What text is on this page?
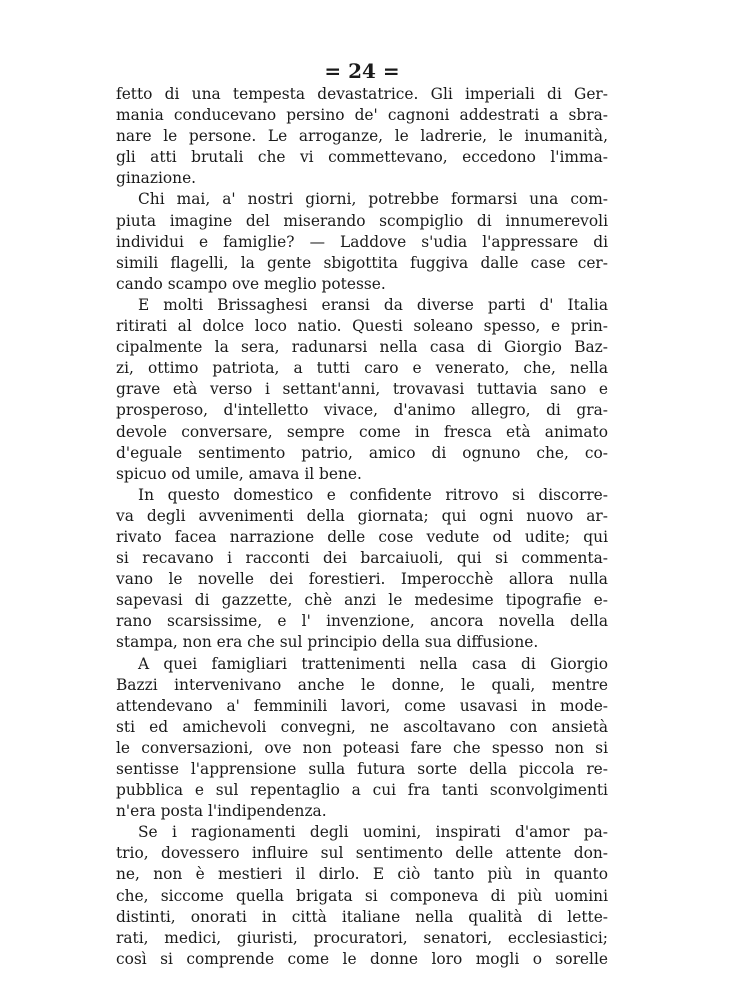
= 24 =
fetto di una tempesta devastatrice. Gli imperiali di Ger-
mania conducevano persino de' cagnoni addestrati a sbra-
nare le persone. Le arroganze, le ladrerie, le inumanità,
gli atti brutali che vi commettevano, eccedono l'imma-
ginazione.
Chi mai, a' nostri giorni, potrebbe formarsi una com-
piuta imagine del miserando scompiglio di innumerevoli
individui e famiglie? — Laddove s'udia l'appressare di
simili flagelli, la gente sbigottita fuggiva dalle case cer-
cando scampo ove meglio potesse.
E molti Brissaghesi eransi da diverse parti d' Italia
ritirati al dolce loco natio. Questi soleano spesso, e prin-
cipalmente la sera, radunarsi nella casa di Giorgio Baz-
zi, ottimo patriota, a tutti caro e venerato, che, nella
grave età verso i settant'anni, trovavasi tuttavia sano e
prosperoso, d'intelletto vivace, d'animo allegro, di gra-
devole conversare, sempre come in fresca età animato
d'eguale sentimento patrio, amico di ognuno che, co-
spicuo od umile, amava il bene.
In questo domestico e confidente ritrovo si discorre-
va degli avvenimenti della giornata; qui ogni nuovo ar-
rivato facea narrazione delle cose vedute od udite; qui
si recavano i racconti dei barcaiuoli, qui si commenta-
vano le novelle dei forestieri. Imperocchè allora nulla
sapevasi di gazzette, chè anzi le medesime tipografie e-
rano scarsissime, e l' invenzione, ancora novella della
stampa, non era che sul principio della sua diffusione.
A quei famigliari trattenimenti nella casa di Giorgio
Bazzi intervenivano anche le donne, le quali, mentre
attendevano a' femminili lavori, come usavasi in mode-
sti ed amichevoli convegni, ne ascoltavano con ansietà
le conversazioni, ove non poteasi fare che spesso non si
sentisse l'apprensione sulla futura sorte della piccola re-
pubblica e sul repentaglio a cui fra tanti sconvolgimenti
n'era posta l'indipendenza.
Se i ragionamenti degli uomini, inspirati d'amor pa-
trio, dovessero influire sul sentimento delle attente don-
ne, non è mestieri il dirlo. E ciò tanto più in quanto
che, siccome quella brigata si componeva di più uomini
distinti, onorati in città italiane nella qualità di lette-
rati, medici, giuristi, procuratori, senatori, ecclesiastici;
così si comprende come le donne loro mogli o sorelle
